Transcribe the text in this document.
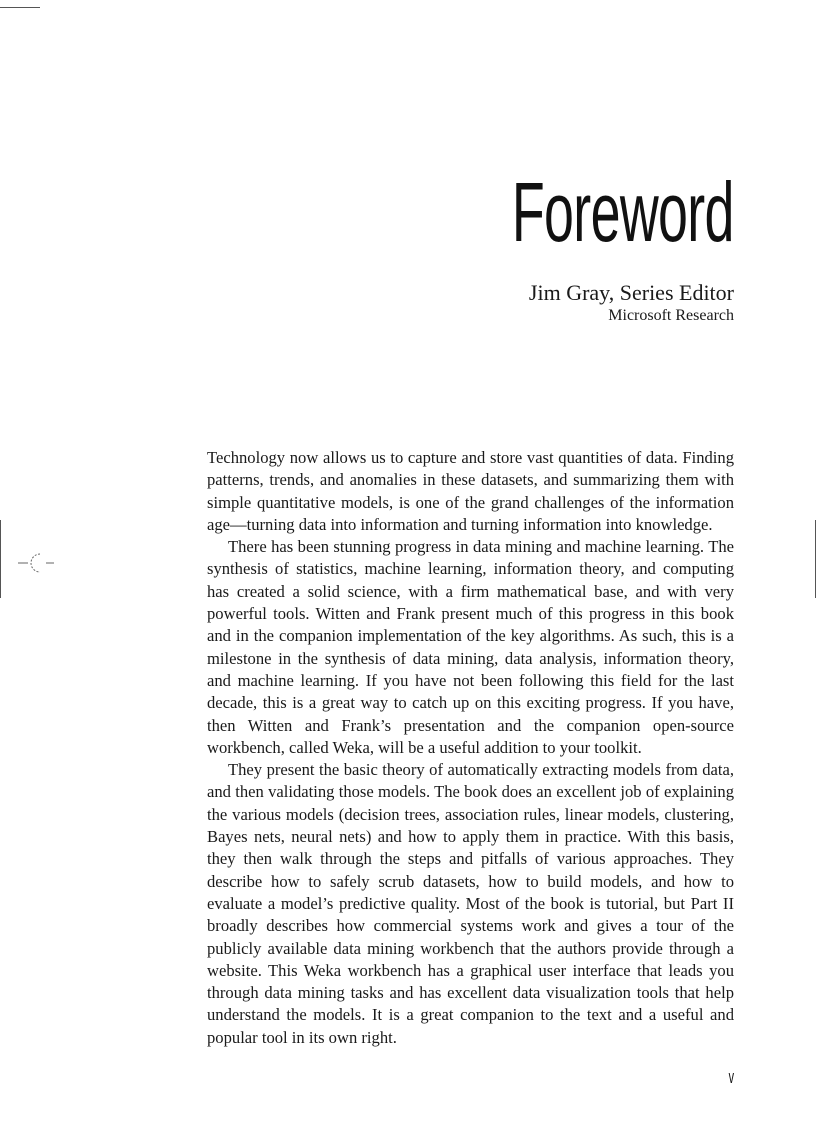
Foreword
Jim Gray, Series Editor
Microsoft Research

Technology now allows us to capture and store vast quantities of data. Finding patterns, trends, and anomalies in these datasets, and summarizing them with simple quantitative models, is one of the grand challenges of the information age—turning data into information and turning information into knowledge.

There has been stunning progress in data mining and machine learning. The synthesis of statistics, machine learning, information theory, and computing has created a solid science, with a firm mathematical base, and with very powerful tools. Witten and Frank present much of this progress in this book and in the companion implementation of the key algorithms. As such, this is a milestone in the synthesis of data mining, data analysis, information theory, and machine learning. If you have not been following this field for the last decade, this is a great way to catch up on this exciting progress. If you have, then Witten and Frank’s presentation and the companion open-source workbench, called Weka, will be a useful addition to your toolkit.

They present the basic theory of automatically extracting models from data, and then validating those models. The book does an excellent job of explaining the various models (decision trees, association rules, linear models, clustering, Bayes nets, neural nets) and how to apply them in practice. With this basis, they then walk through the steps and pitfalls of various approaches. They describe how to safely scrub datasets, how to build models, and how to evaluate a model’s predictive quality. Most of the book is tutorial, but Part II broadly describes how commercial systems work and gives a tour of the publicly available data mining workbench that the authors provide through a website. This Weka workbench has a graphical user interface that leads you through data mining tasks and has excellent data visualization tools that help understand the models. It is a great companion to the text and a useful and popular tool in its own right.

v
